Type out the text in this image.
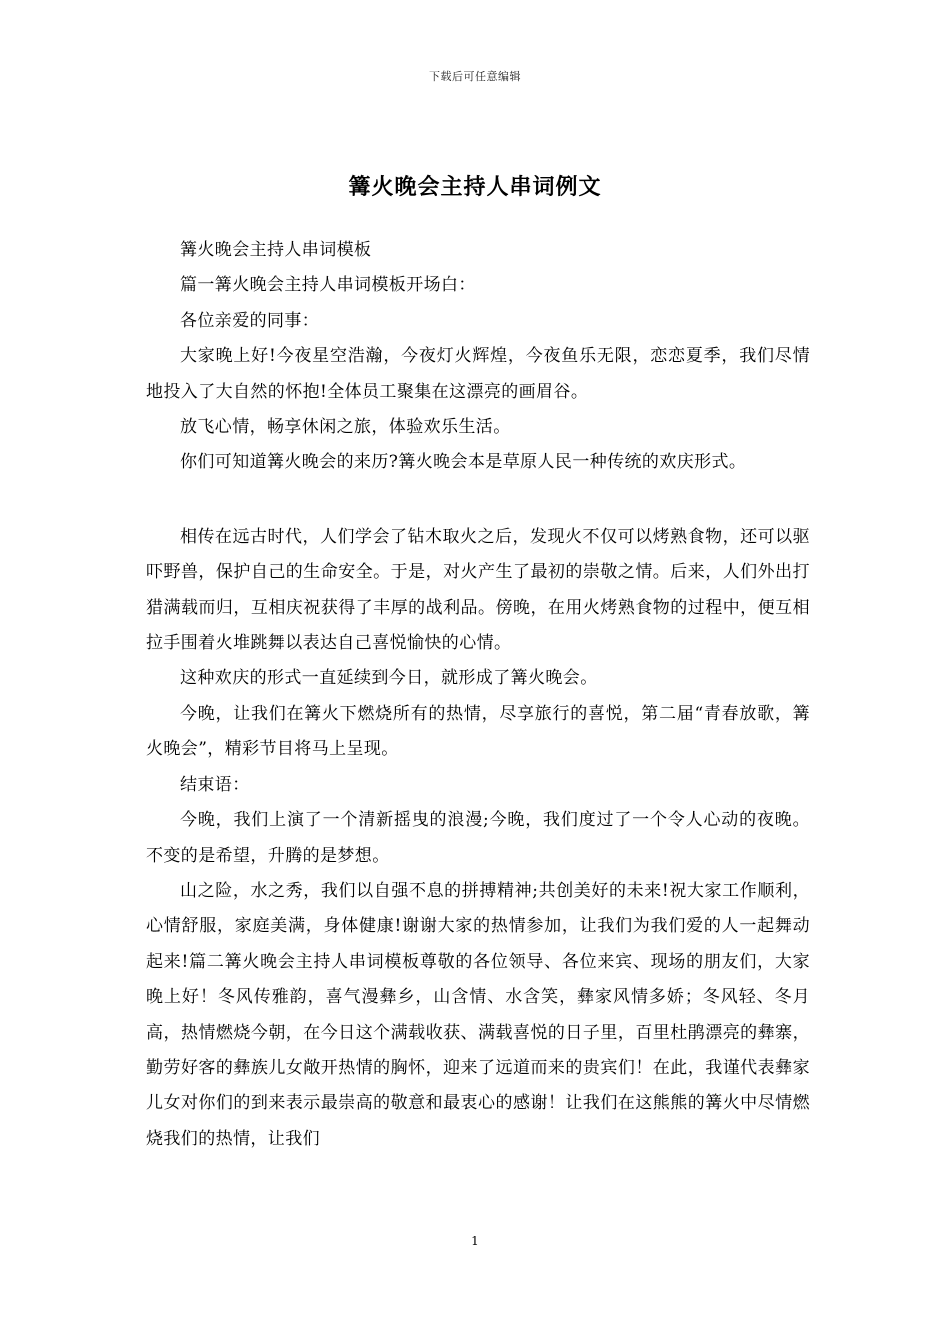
下载后可任意编辑
篝火晚会主持人串词例文

篝火晚会主持人串词模板

篇一篝火晚会主持人串词模板开场白：

各位亲爱的同事：

大家晚上好!今夜星空浩瀚，今夜灯火辉煌，今夜鱼乐无限，恋恋夏季，我们尽情地投入了大自然的怀抱!全体员工聚集在这漂亮的画眉谷。

放飞心情，畅享休闲之旅，体验欢乐生活。

你们可知道篝火晚会的来历?篝火晚会本是草原人民一种传统的欢庆形式。

相传在远古时代，人们学会了钻木取火之后，发现火不仅可以烤熟食物，还可以驱吓野兽，保护自己的生命安全。于是，对火产生了最初的崇敬之情。后来，人们外出打猎满载而归，互相庆祝获得了丰厚的战利品。傍晚，在用火烤熟食物的过程中，便互相拉手围着火堆跳舞以表达自己喜悦愉快的心情。

这种欢庆的形式一直延续到今日，就形成了篝火晚会。

今晚，让我们在篝火下燃烧所有的热情，尽享旅行的喜悦，第二届“青春放歌，篝火晚会”，精彩节目将马上呈现。

结束语：

今晚，我们上演了一个清新摇曳的浪漫;今晚，我们度过了一个令人心动的夜晚。不变的是希望，升腾的是梦想。

山之险，水之秀，我们以自强不息的拼搏精神;共创美好的未来!祝大家工作顺利，心情舒服，家庭美满，身体健康!谢谢大家的热情参加，让我们为我们爱的人一起舞动起来!篇二篝火晚会主持人串词模板尊敬的各位领导、各位来宾、现场的朋友们，大家晚上好！冬风传雅韵，喜气漫彝乡，山含情、水含笑，彝家风情多娇；冬风轻、冬月高，热情燃烧今朝，在今日这个满载收获、满载喜悦的日子里，百里杜鹃漂亮的彝寨，勤劳好客的彝族儿女敞开热情的胸怀，迎来了远道而来的贵宾们！在此，我谨代表彝家儿女对你们的到来表示最崇高的敬意和最衷心的感谢！让我们在这熊熊的篝火中尽情燃烧我们的热情，让我们

1
